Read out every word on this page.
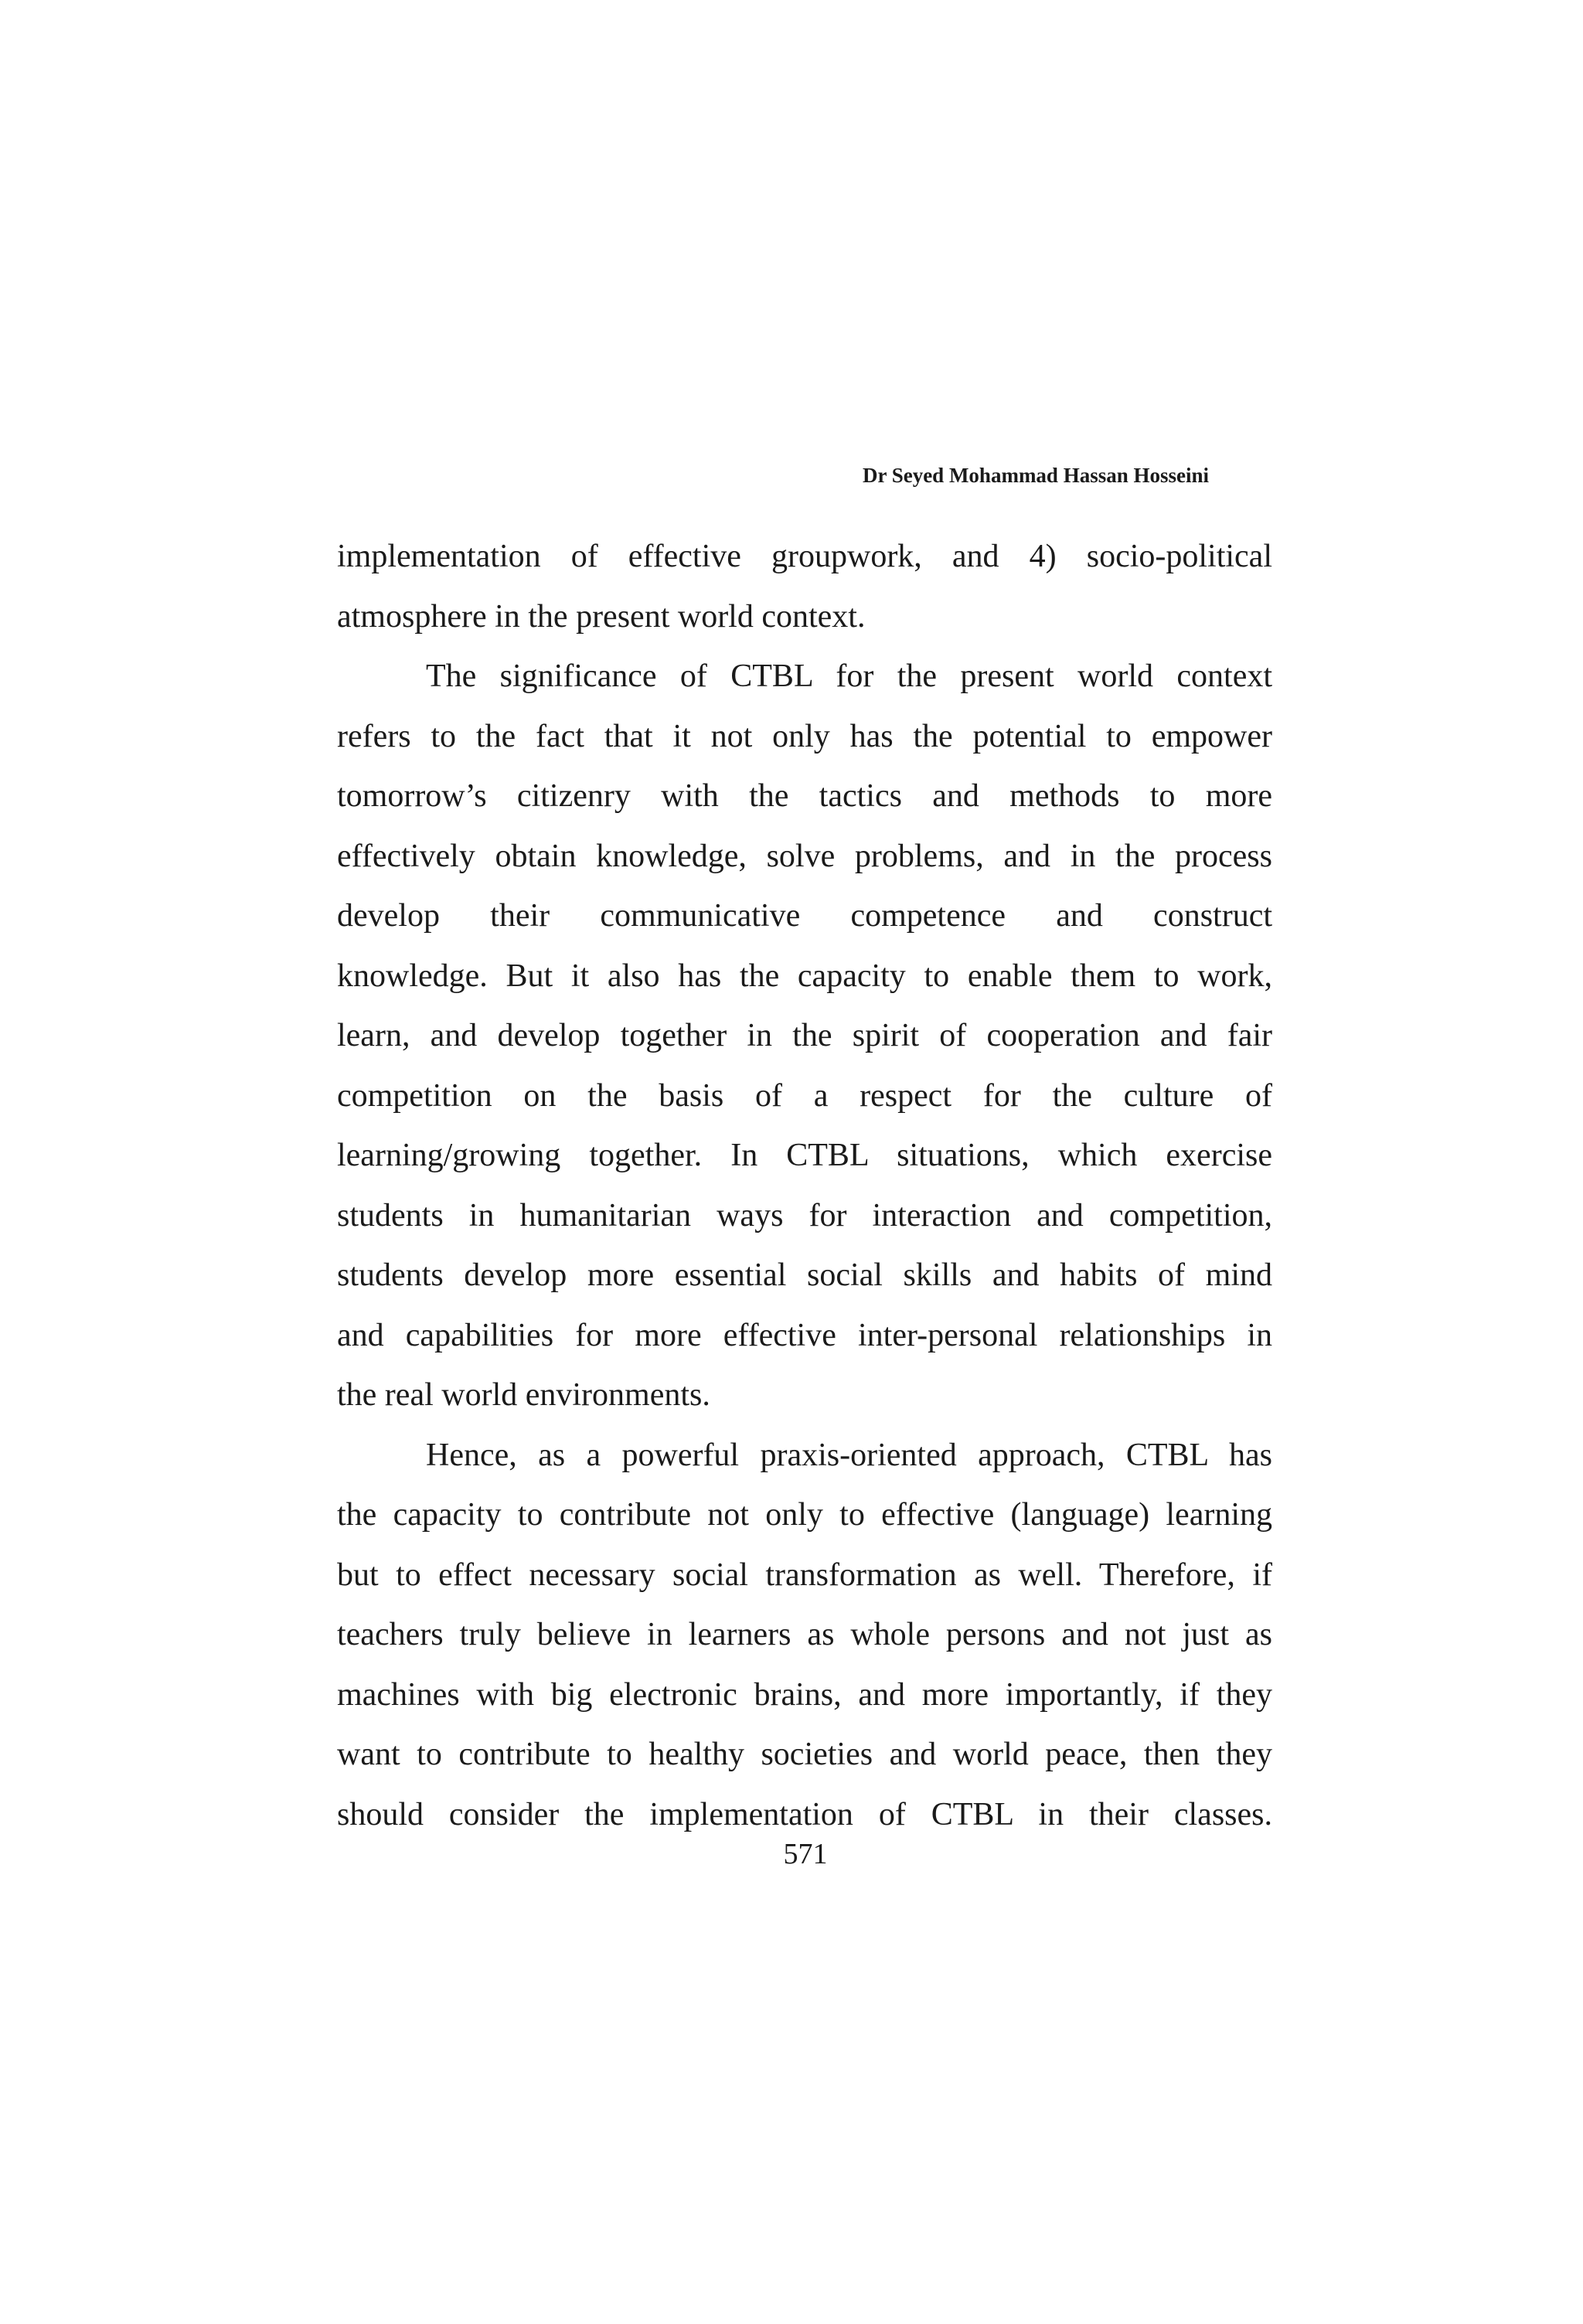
Dr Seyed Mohammad Hassan Hosseini
implementation of effective groupwork, and 4) socio-political
atmosphere in the present world context.
The significance of CTBL for the present world context
refers to the fact that it not only has the potential to empower
tomorrow’s citizenry with the tactics and methods to more
effectively obtain knowledge, solve problems, and in the process
develop their communicative competence and construct
knowledge. But it also has the capacity to enable them to work,
learn, and develop together in the spirit of cooperation and fair
competition on the basis of a respect for the culture of
learning/growing together. In CTBL situations, which exercise
students in humanitarian ways for interaction and competition,
students develop more essential social skills and habits of mind
and capabilities for more effective inter-personal relationships in
the real world environments.
Hence, as a powerful praxis-oriented approach, CTBL has
the capacity to contribute not only to effective (language) learning
but to effect necessary social transformation as well. Therefore, if
teachers truly believe in learners as whole persons and not just as
machines with big electronic brains, and more importantly, if they
want to contribute to healthy societies and world peace, then they
should consider the implementation of CTBL in their classes.
571
